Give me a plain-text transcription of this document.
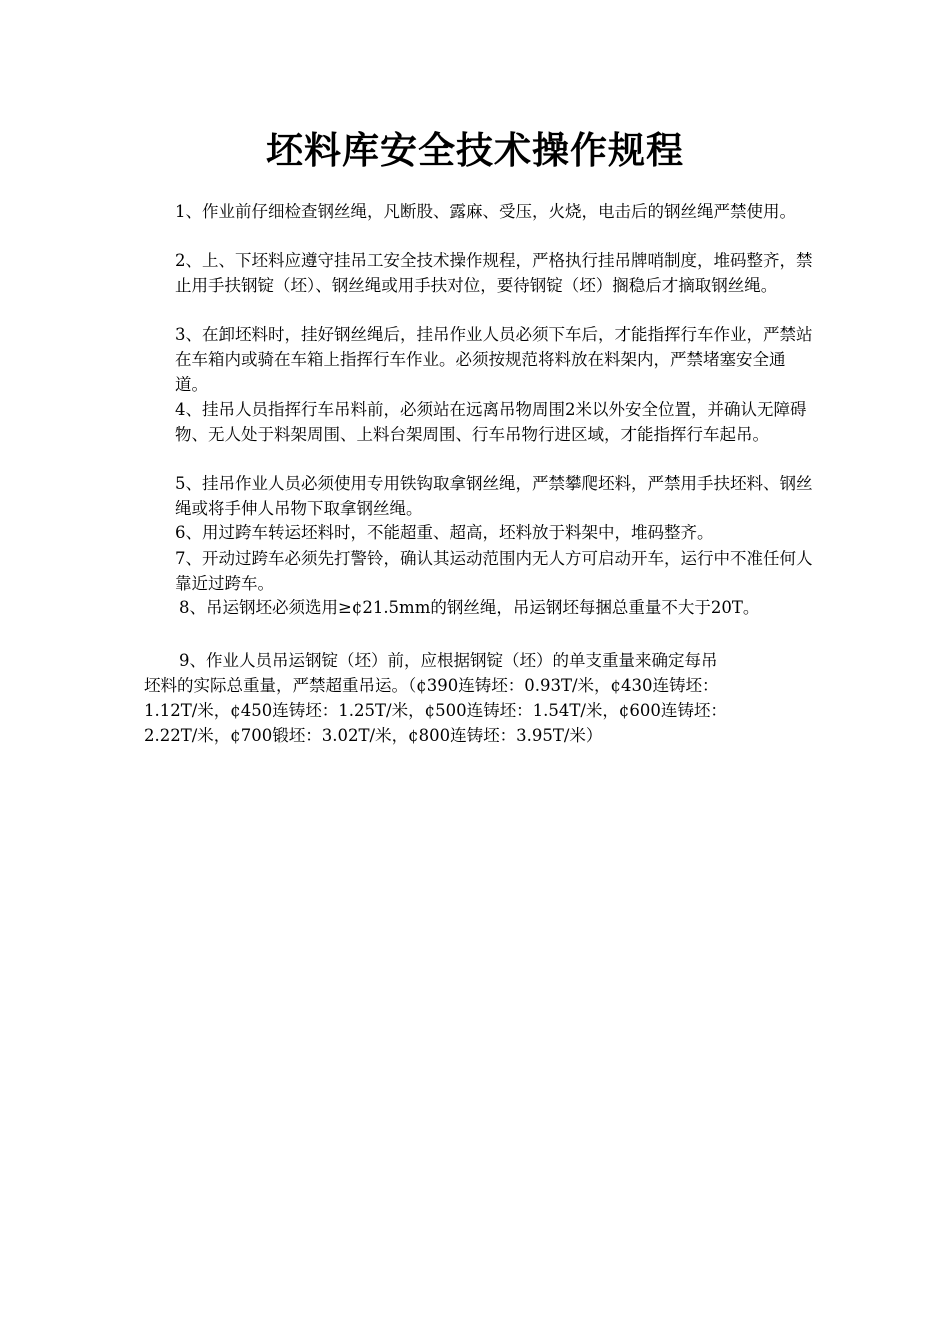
坯料库安全技术操作规程

1、作业前仔细检查钢丝绳，凡断股、露麻、受压，火烧，电击后的钢丝绳严禁使用。

2、上、下坯料应遵守挂吊工安全技术操作规程，严格执行挂吊牌哨制度，堆码整齐，禁止用手扶钢锭（坯）、钢丝绳或用手扶对位，要待钢锭（坯）搁稳后才摘取钢丝绳。

3、在卸坯料时，挂好钢丝绳后，挂吊作业人员必须下车后，才能指挥行车作业，严禁站在车箱内或骑在车箱上指挥行车作业。必须按规范将料放在料架内，严禁堵塞安全通道。

4、挂吊人员指挥行车吊料前，必须站在远离吊物周围2米以外安全位置，并确认无障碍物、无人处于料架周围、上料台架周围、行车吊物行进区域，才能指挥行车起吊。

5、挂吊作业人员必须使用专用铁钩取拿钢丝绳，严禁攀爬坯料，严禁用手扶坯料、钢丝绳或将手伸人吊物下取拿钢丝绳。

6、用过跨车转运坯料时，不能超重、超高，坯料放于料架中，堆码整齐。

7、开动过跨车必须先打警铃，确认其运动范围内无人方可启动开车，运行中不准任何人靠近过跨车。

8、吊运钢坯必须选用≥¢21.5mm的钢丝绳，吊运钢坯每捆总重量不大于20T。

9、作业人员吊运钢锭（坯）前，应根据钢锭（坯）的单支重量来确定每吊
坯料的实际总重量，严禁超重吊运。（¢390连铸坯：0.93T/米，¢430连铸坯：
1.12T/米，¢450连铸坯：1.25T/米，¢500连铸坯：1.54T/米，¢600连铸坯：
2.22T/米，¢700锻坯：3.02T/米，¢800连铸坯：3.95T/米）
